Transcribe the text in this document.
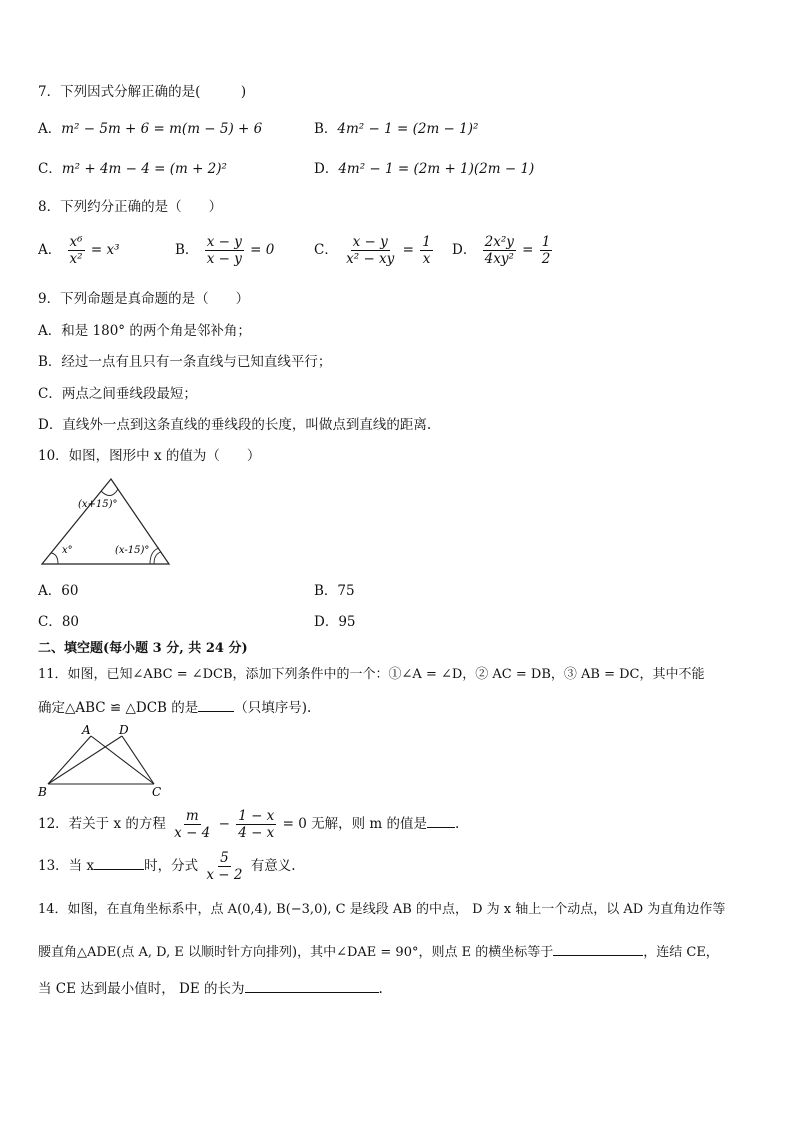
7．下列因式分解正确的是(　　　)
A．m² − 5m + 6 = m(m − 5) + 6	B．4m² − 1 = (2m − 1)²
C．m² + 4m − 4 = (m + 2)²	D．4m² − 1 = (2m + 1)(2m − 1)
8．下列约分正确的是（　　）
A． $\frac{\text{x⁶}}{\text{x²}} = x^3$	B． $\frac{x - y}{x - y} = 0$	C． $\frac{x - y}{\text{x² − xy}} = \frac{1}{x}$ D． $\frac{\text{2x²y}}{\text{4xy²}} = \frac{1}{2}$
9．下列命题是真命题的是（　　）
A．和是 180° 的两个角是邻补角；
B．经过一点有且只有一条直线与已知直线平行；
C．两点之间垂线段最短；
D．直线外一点到这条直线的垂线段的长度，叫做点到直线的距离.
10．如图，图形中 x 的值为（　　）
(x+15)°
x°	(x-15)°
A．60	B．75
C．80	D．95
二、填空题(每小题 3 分, 共 24 分)
11．如图，已知∠ABC = ∠DCB，添加下列条件中的一个：①∠A = ∠D，② AC = DB，③ AB = DC，其中不能
确定△ABC ≌ △DCB 的是	（只填序号).
A D
B	C
12．若关于 x 的方程 $\frac{m}{x - 4} - \frac{1 - x}{4 - x} = 0$ 无解，则 m 的值是 .
13．当 x	时，分式 $\frac{5}{x - 2}$ 有意义.
14．如图，在直角坐标系中，点 A(0,4), B(−3,0), C 是线段 AB 的中点， D 为 x 轴上一个动点，以 AD 为直角边作等
腰直角△ADE(点 A, D, E 以顺时针方向排列)，其中∠DAE = 90°，则点 E 的横坐标等于	，连结 CE，
当 CE 达到最小值时， DE 的长为	.
